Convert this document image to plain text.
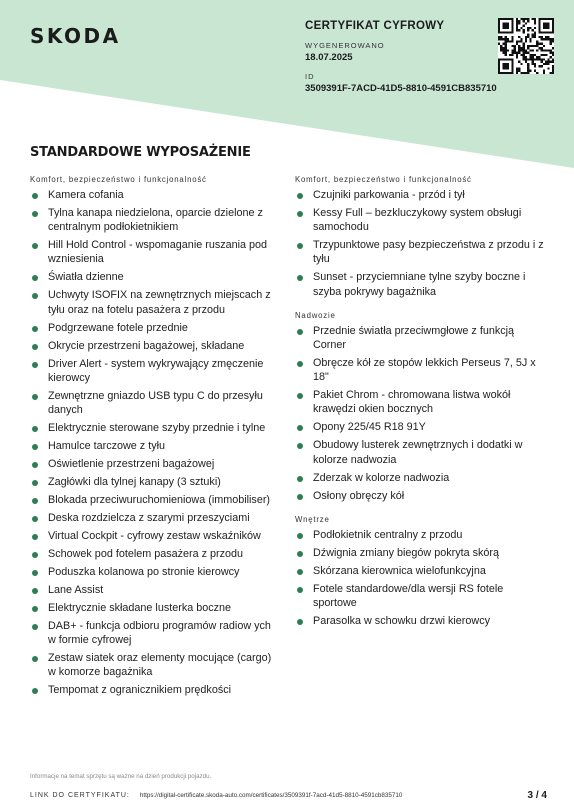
SKODA	CERTYFIKAT CYFROWY
WYGENEROWANO
18.07.2025
ID
3509391F-7ACD-41D5-8810-4591CB835710
STANDARDOWE WYPOSAŻENIE
Komfort, bezpieczeństwo i funkcjonalność
Kamera cofania
Tylna kanapa niedzielona, oparcie dzielone z centralnym podłokietnikiem
Hill Hold Control - wspomaganie ruszania pod wzniesienia
Światła dzienne
Uchwyty ISOFIX na zewnętrznych miejscach z tyłu oraz na fotelu pasażera z przodu
Podgrzewane fotele przednie
Okrycie przestrzeni bagażowej, składane
Driver Alert - system wykrywający zmęczenie kierowcy
Zewnętrzne gniazdo USB typu C do przesyłu danych
Elektrycznie sterowane szyby przednie i tylne
Hamulce tarczowe z tyłu
Oświetlenie przestrzeni bagażowej
Zagłówki dla tylnej kanapy (3 sztuki)
Blokada przeciwuruchomieniowa (immobiliser)
Deska rozdzielcza z szarymi przeszyciami
Virtual Cockpit - cyfrowy zestaw wskaźników
Schowek pod fotelem pasażera z przodu
Poduszka kolanowa po stronie kierowcy
Lane Assist
Elektrycznie składane lusterka boczne
DAB+ - funkcja odbioru programów radiow ych w formie cyfrowej
Zestaw siatek oraz elementy mocujące (cargo) w komorze bagażnika
Tempomat z ogranicznikiem prędkości
Komfort, bezpieczeństwo i funkcjonalność
Czujniki parkowania - przód i tył
Kessy Full – bezkluczykowy system obsługi samochodu
Trzypunktowe pasy bezpieczeństwa z przodu i z tyłu
Sunset - przyciemniane tylne szyby boczne i szyba pokrywy bagażnika
Nadwozie
Przednie światła przeciwmgłowe z funkcją Corner
Obręcze kół ze stopów lekkich Perseus 7, 5J x 18"
Pakiet Chrom - chromowana listwa wokół krawędzi okien bocznych
Opony 225/45 R18 91Y
Obudowy lusterek zewnętrznych i dodatki w kolorze nadwozia
Zderzak w kolorze nadwozia
Osłony obręczy kół
Wnętrze
Podłokietnik centralny z przodu
Dźwignia zmiany biegów pokryta skórą
Skórzana kierownica wielofunkcyjna
Fotele standardowe/dla wersji RS fotele sportowe
Parasolka w schowku drzwi kierowcy
Informacje na temat sprzętu są ważne na dzień produkcji pojazdu.
LINK DO CERTYFIKATU: https://digital-certificate.skoda-auto.com/certificates/3509391f-7acd-41d5-8810-4591cb835710	3 / 4
